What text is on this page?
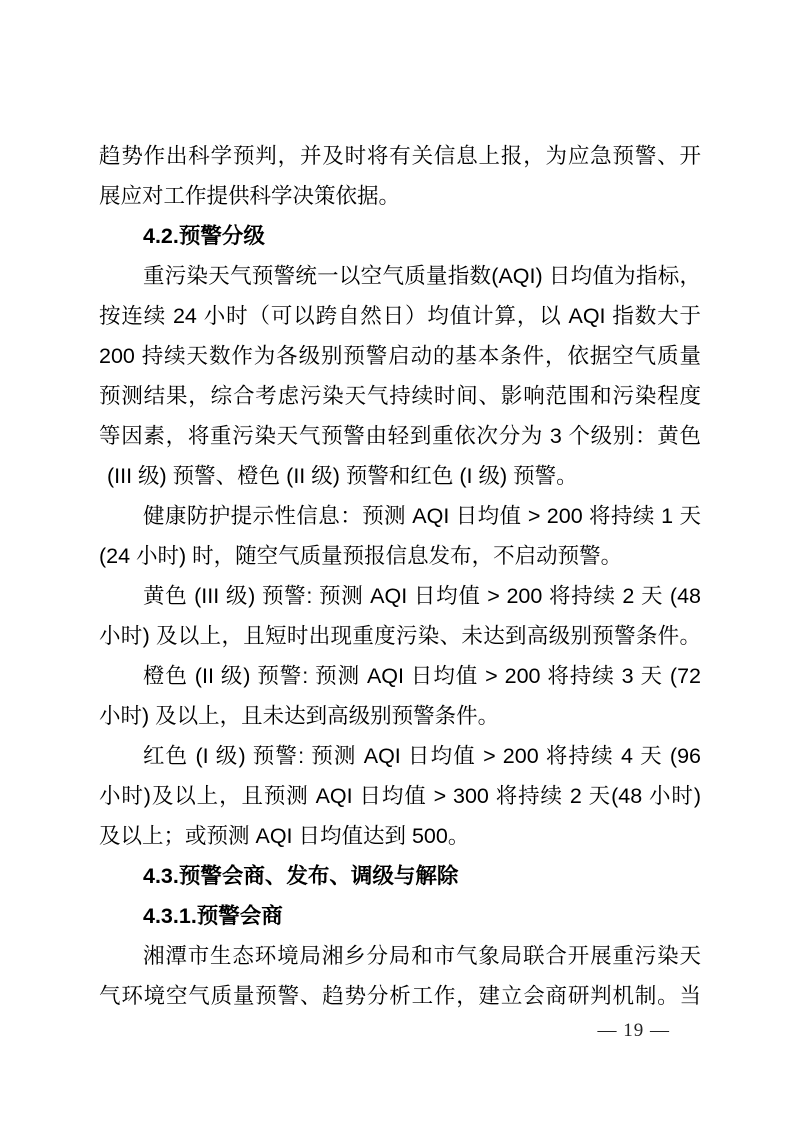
趋势作出科学预判，并及时将有关信息上报，为应急预警、开
展应对工作提供科学决策依据。
4.2.预警分级
重污染天气预警统一以空气质量指数(AQI) 日均值为指标，
按连续 24 小时（可以跨自然日）均值计算，以 AQI 指数大于
200 持续天数作为各级别预警启动的基本条件，依据空气质量
预测结果，综合考虑污染天气持续时间、影响范围和污染程度
等因素，将重污染天气预警由轻到重依次分为 3 个级别：黄色
(III 级) 预警、橙色 (II 级) 预警和红色 (I 级) 预警。
健康防护提示性信息：预测 AQI 日均值 > 200 将持续 1 天
(24 小时) 时，随空气质量预报信息发布，不启动预警。
黄色 (III 级) 预警: 预测 AQI 日均值 > 200 将持续 2 天 (48
小时) 及以上，且短时出现重度污染、未达到高级别预警条件。
橙色 (II 级) 预警: 预测 AQI 日均值 > 200 将持续 3 天 (72
小时) 及以上，且未达到高级别预警条件。
红色 (I 级) 预警: 预测 AQI 日均值 > 200 将持续 4 天 (96
小时)及以上，且预测 AQI 日均值 > 300 将持续 2 天(48 小时)
及以上；或预测 AQI 日均值达到 500。
4.3.预警会商、发布、调级与解除
4.3.1.预警会商
湘潭市生态环境局湘乡分局和市气象局联合开展重污染天
气环境空气质量预警、趋势分析工作，建立会商研判机制。当
— 19 —
